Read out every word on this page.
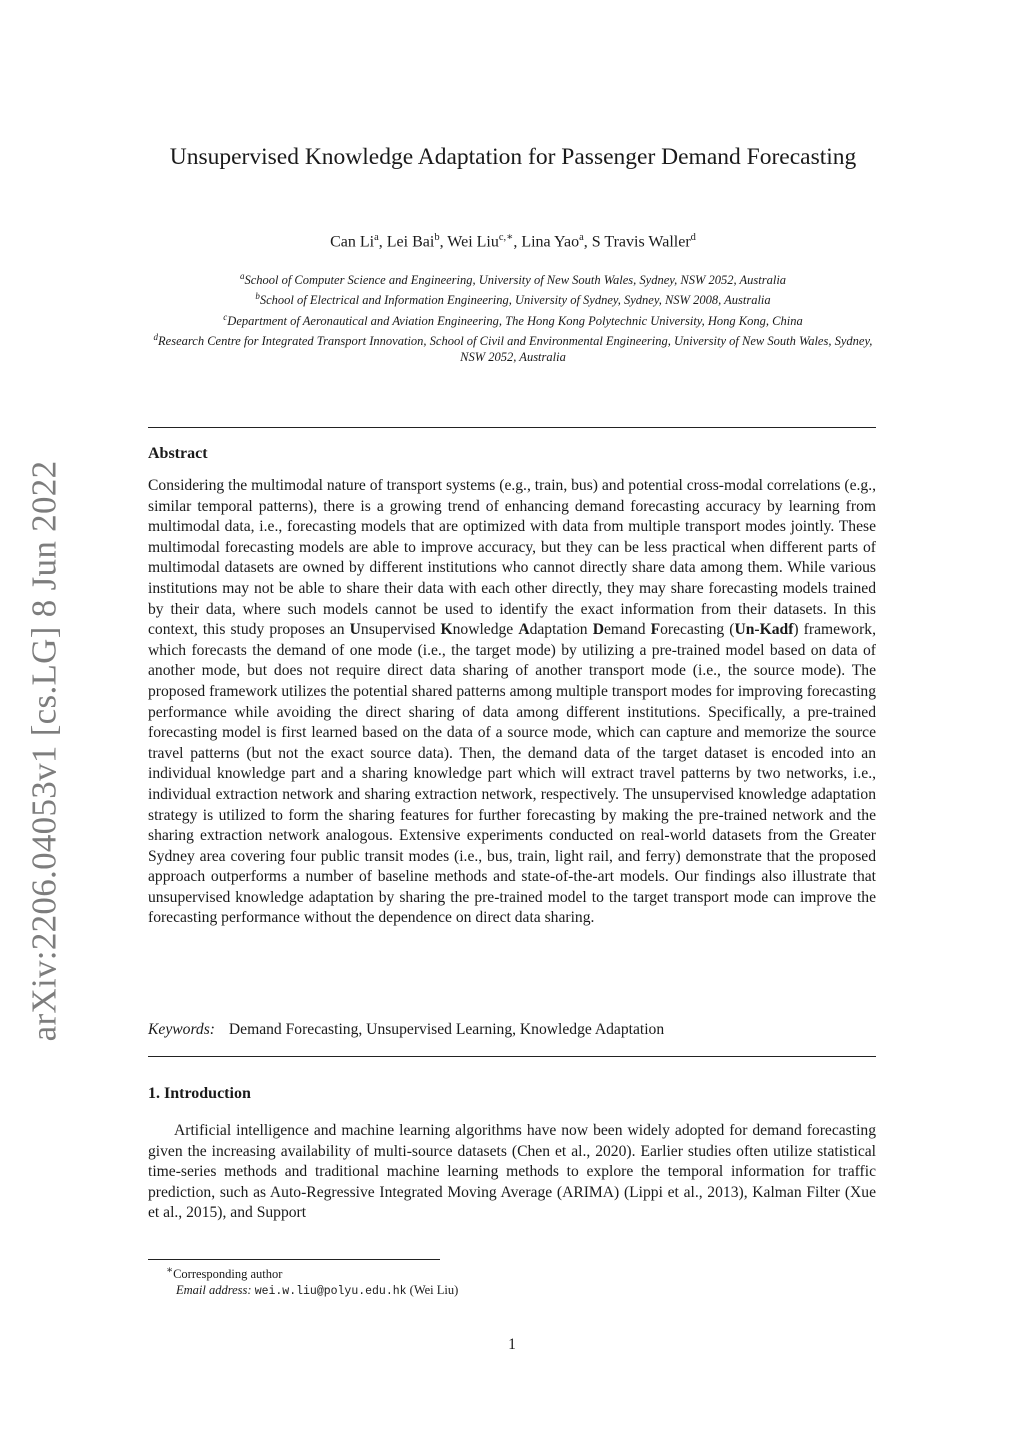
arXiv:2206.04053v1 [cs.LG] 8 Jun 2022
Unsupervised Knowledge Adaptation for Passenger Demand Forecasting

Can Li$^a$, Lei Bai$^b$, Wei Liu$^{c,∗}$, Lina Yao$^a$, S Travis Waller$^d$

$^a$School of Computer Science and Engineering, University of New South Wales, Sydney, NSW 2052, Australia
$^b$School of Electrical and Information Engineering, University of Sydney, Sydney, NSW 2008, Australia
$^c$Department of Aeronautical and Aviation Engineering, The Hong Kong Polytechnic University, Hong Kong, China
$^d$Research Centre for Integrated Transport Innovation, School of Civil and Environmental Engineering, University of New South Wales, Sydney, NSW 2052, Australia
Abstract

Considering the multimodal nature of transport systems (e.g., train, bus) and potential cross-modal correlations (e.g., similar temporal patterns), there is a growing trend of enhancing demand forecasting accuracy by learning from multimodal data, i.e., forecasting models that are optimized with data from multiple transport modes jointly. These multimodal forecasting models are able to improve accuracy, but they can be less practical when different parts of multimodal datasets are owned by different institutions who cannot directly share data among them. While various institutions may not be able to share their data with each other directly, they may share forecasting models trained by their data, where such models cannot be used to identify the exact information from their datasets. In this context, this study proposes an Unsupervised Knowledge Adaptation Demand Forecasting (Un-Kadf) framework, which forecasts the demand of one mode (i.e., the target mode) by utilizing a pre-trained model based on data of another mode, but does not require direct data sharing of another transport mode (i.e., the source mode). The proposed framework utilizes the potential shared patterns among multiple transport modes for improving forecasting performance while avoiding the direct sharing of data among different institutions. Specifically, a pre-trained forecasting model is first learned based on the data of a source mode, which can capture and memorize the source travel patterns (but not the exact source data). Then, the demand data of the target dataset is encoded into an individual knowledge part and a sharing knowledge part which will extract travel patterns by two networks, i.e., individual extraction network and sharing extraction network, respectively. The unsupervised knowledge adaptation strategy is utilized to form the sharing features for further forecasting by making the pre-trained network and the sharing extraction network analogous. Extensive experiments conducted on real-world datasets from the Greater Sydney area covering four public transit modes (i.e., bus, train, light rail, and ferry) demonstrate that the proposed approach outperforms a number of baseline methods and state-of-the-art models. Our findings also illustrate that unsupervised knowledge adaptation by sharing the pre-trained model to the target transport mode can improve the forecasting performance without the dependence on direct data sharing.

Keywords: Demand Forecasting, Unsupervised Learning, Knowledge Adaptation

1. Introduction

Artificial intelligence and machine learning algorithms have now been widely adopted for demand forecasting given the increasing availability of multi-source datasets (Chen et al., 2020). Earlier studies often utilize statistical time-series methods and traditional machine learning methods to explore the temporal information for traffic prediction, such as Auto-Regressive Integrated Moving Average (ARIMA) (Lippi et al., 2013), Kalman Filter (Xue et al., 2015), and Support

∗Corresponding author
Email address: wei.w.liu@polyu.edu.hk (Wei Liu)
1
